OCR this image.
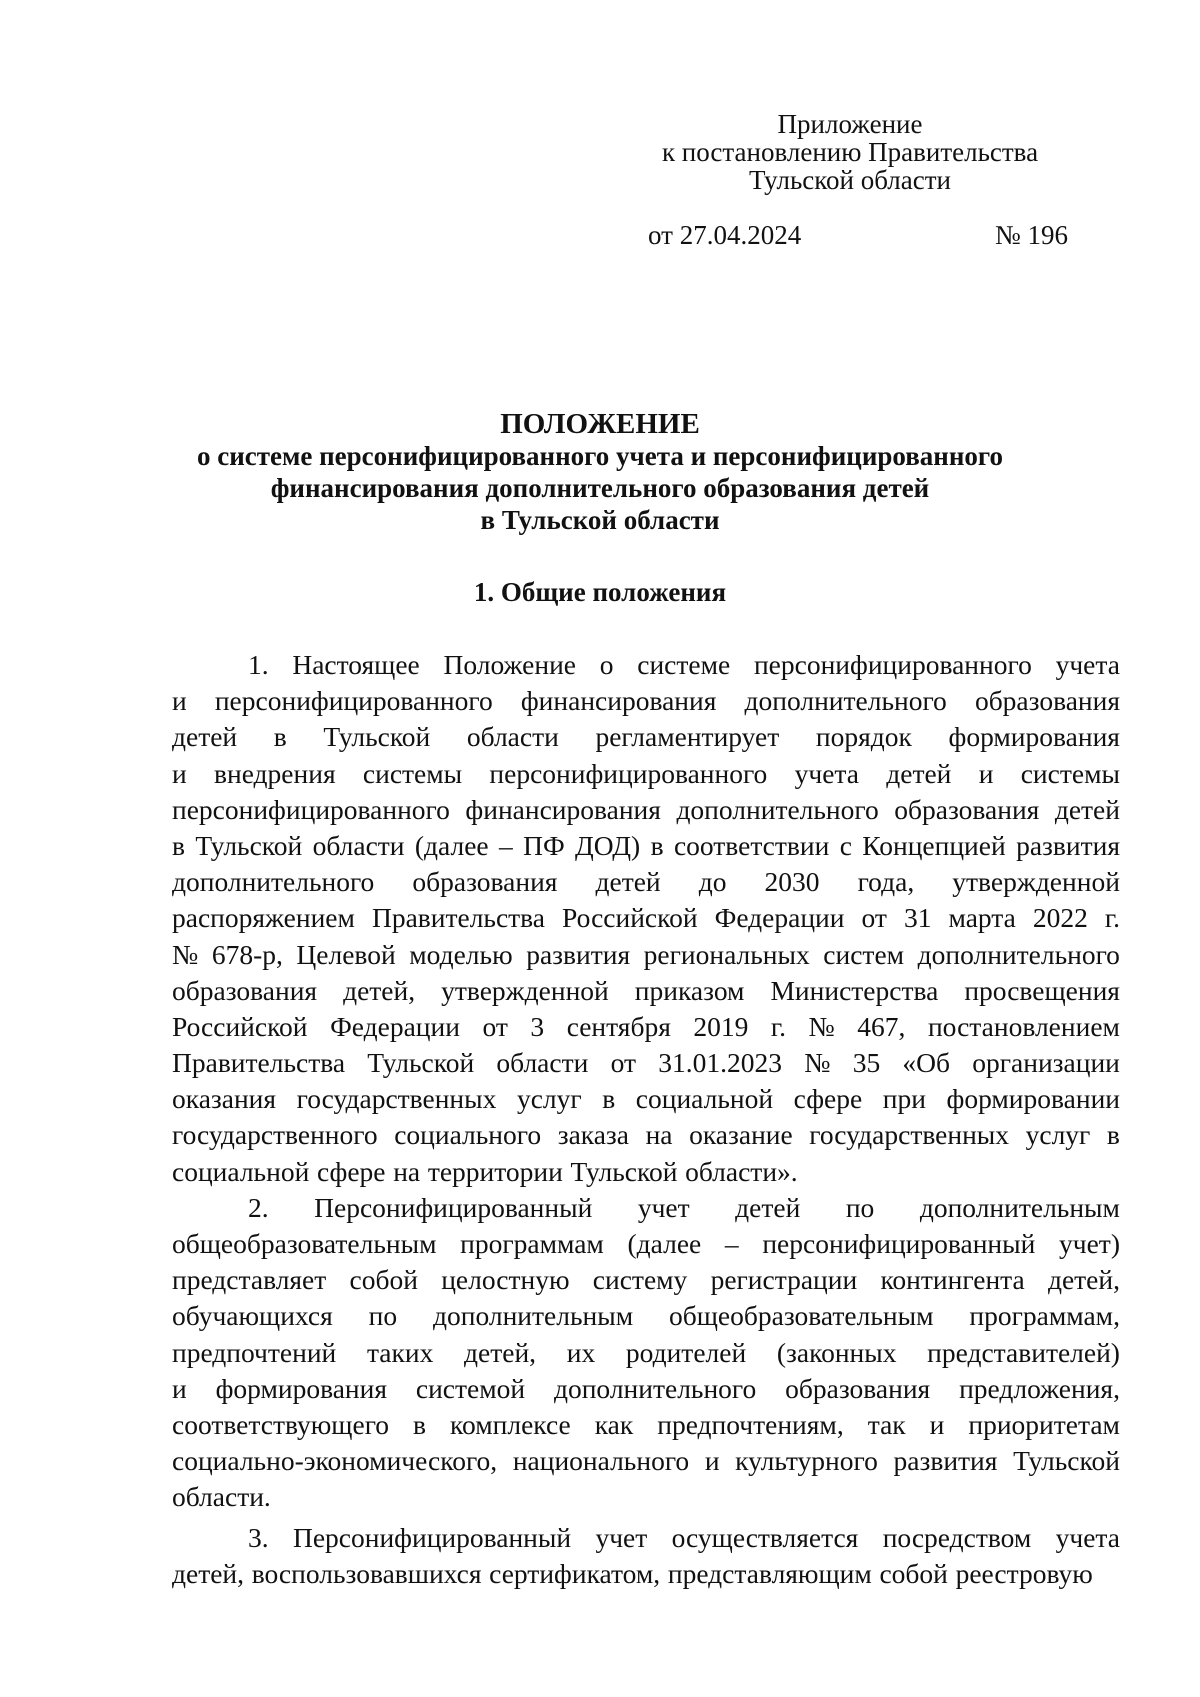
Приложение
к постановлению Правительства
Тульской области
от 27.04.2024	№ 196
ПОЛОЖЕНИЕ
о системе персонифицированного учета и персонифицированного
финансирования дополнительного образования детей
в Тульской области
1. Общие положения
1. Настоящее Положение о системе персонифицированного учета
и персонифицированного финансирования дополнительного образования
детей в Тульской области регламентирует порядок формирования
и внедрения системы персонифицированного учета детей и системы
персонифицированного финансирования дополнительного образования детей
в Тульской области (далее – ПФ ДОД) в соответствии с Концепцией развития
дополнительного образования детей до 2030 года, утвержденной
распоряжением Правительства Российской Федерации от 31 марта 2022 г.
№ 678-р, Целевой моделью развития региональных систем дополнительного
образования детей, утвержденной приказом Министерства просвещения
Российской Федерации от 3 сентября 2019 г. № 467, постановлением
Правительства Тульской области от 31.01.2023 № 35 «Об организации
оказания государственных услуг в социальной сфере при формировании
государственного социального заказа на оказание государственных услуг в
социальной сфере на территории Тульской области».
2. Персонифицированный учет детей по дополнительным
общеобразовательным программам (далее – персонифицированный учет)
представляет собой целостную систему регистрации контингента детей,
обучающихся по дополнительным общеобразовательным программам,
предпочтений таких детей, их родителей (законных представителей)
и формирования системой дополнительного образования предложения,
соответствующего в комплексе как предпочтениям, так и приоритетам
социально-экономического, национального и культурного развития Тульской
области.
3. Персонифицированный учет осуществляется посредством учета
детей, воспользовавшихся сертификатом, представляющим собой реестровую
